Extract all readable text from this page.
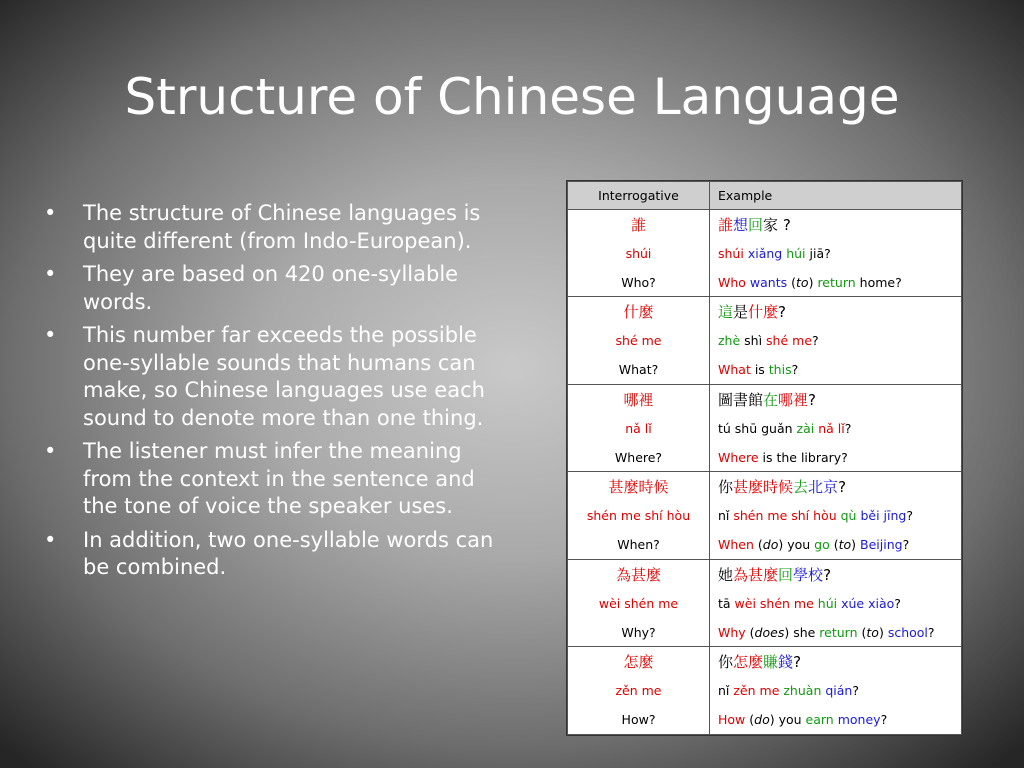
Structure of Chinese Language
• The structure of Chinese languages is quite different (from Indo-European).
• They are based on 420 one-syllable words.
• This number far exceeds the possible one-syllable sounds that humans can make, so Chinese languages use each sound to denote more than one thing.
• The listener must infer the meaning from the context in the sentence and the tone of voice the speaker uses.
• In addition, two one-syllable words can be combined.
Interrogative	Example
誰	誰想回家 ?
shúi	shúi xiǎng húi jiā?
Who?	Who wants (to) return home?
什麼	這是什麼?
shé me	zhè shì shé me?
What?	What is this?
哪裡	圖書館在哪裡?
nǎ lǐ	tú shū guǎn zài nǎ lǐ?
Where?	Where is the library?
甚麼時候	你甚麼時候去北京?
shén me shí hòu	nǐ shén me shí hòu qù běi jīng?
When?	When (do) you go (to) Beijing?
為甚麼	她為甚麼回學校?
wèi shén me	tā wèi shén me húi xúe xiào?
Why?	Why (does) she return (to) school?
怎麼	你怎麼賺錢?
zěn me	nǐ zěn me zhuàn qián?
How?	How (do) you earn money?
